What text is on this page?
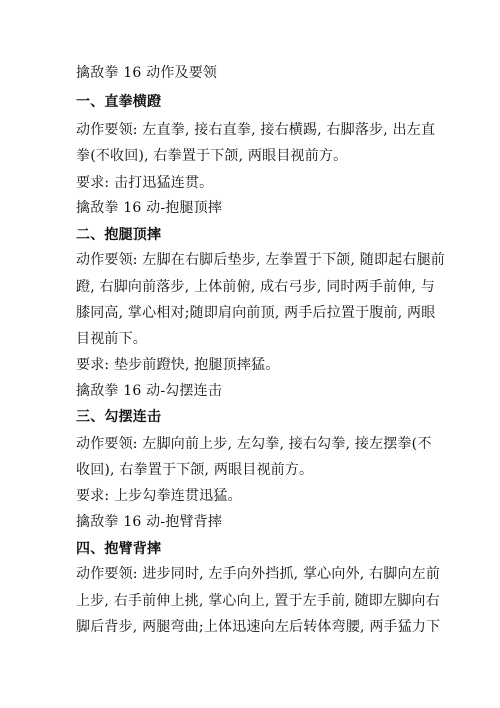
擒敌拳 16 动作及要领
一、直拳横蹬
动作要领: 左直拳, 接右直拳, 接右横踢, 右脚落步, 出左直
拳(不收回), 右拳置于下颌, 两眼目视前方。
要求: 击打迅猛连贯。
擒敌拳 16 动-抱腿顶摔
二、抱腿顶摔
动作要领: 左脚在右脚后垫步, 左拳置于下颌, 随即起右腿前
蹬, 右脚向前落步, 上体前俯, 成右弓步, 同时两手前伸, 与
膝同高, 掌心相对;随即肩向前顶, 两手后拉置于腹前, 两眼
目视前下。
要求: 垫步前蹬快, 抱腿顶摔猛。
擒敌拳 16 动-勾摆连击
三、勾摆连击
动作要领: 左脚向前上步, 左勾拳, 接右勾拳, 接左摆拳(不
收回), 右拳置于下颌, 两眼目视前方。
要求: 上步勾拳连贯迅猛。
擒敌拳 16 动-抱臂背摔
四、抱臂背摔
动作要领: 进步同时, 左手向外挡抓, 掌心向外, 右脚向左前
上步, 右手前伸上挑, 掌心向上, 置于左手前, 随即左脚向右
脚后背步, 两腿弯曲;上体迅速向左后转体弯腰, 两手猛力下
